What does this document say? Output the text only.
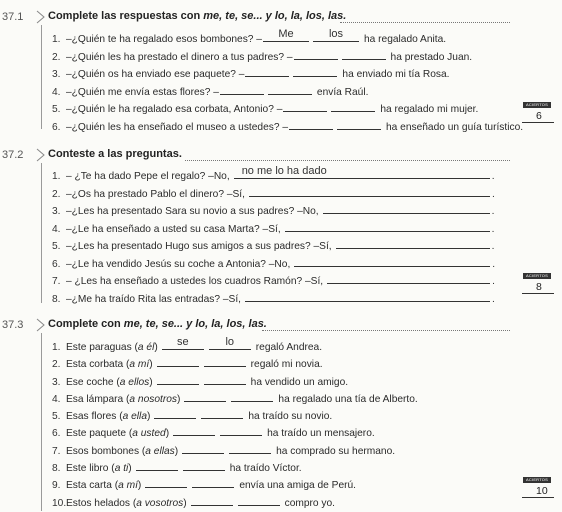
37.1 Complete las respuestas con me, te, se... y lo, la, los, las.
1. –¿Quién te ha regalado esos bombones? –	Me	los	ha regalado Anita.
2. –¿Quién les ha prestado el dinero a tus padres? –	ha prestado Juan.
3. –¿Quién os ha enviado ese paquete? –	ha enviado mi tía Rosa.
4. –¿Quién me envía estas flores? –	envía Raúl.
5. –¿Quién le ha regalado esa corbata, Antonio? –	ha regalado mi mujer.
6. –¿Quién les ha enseñado el museo a ustedes? –	ha enseñado un guía turístico.
ACIERTOS
6
37.2 Conteste a las preguntas.
1. – ¿Te ha dado Pepe el regalo? –No, no me lo ha dado	.
2. –¿Os ha prestado Pablo el dinero? –Sí,	.
3. –¿Les ha presentado Sara su novio a sus padres? –No,	.
4. –¿Le ha enseñado a usted su casa Marta? –Sí,	.
5. –¿Les ha presentado Hugo sus amigos a sus padres? –Sí,	.
6. –¿Le ha vendido Jesús su coche a Antonia? –No,	.
7. – ¿Les ha enseñado a ustedes los cuadros Ramón? –Sí,	.
8. –¿Me ha traído Rita las entradas? –Sí,	.
ACIERTOS
8
37.3 Complete con me, te, se... y lo, la, los, las.
1. Este paraguas (a él)	se	lo	regaló Andrea.
2. Esta corbata (a mí)	regaló mi novia.
3. Ese coche (a ellos)	ha vendido un amigo.
4. Esa lámpara (a nosotros)	ha regalado una tía de Alberto.
5. Esas flores (a ella)	ha traído su novio.
6. Este paquete (a usted)	ha traído un mensajero.
7. Esos bombones (a ellas)	ha comprado su hermano.
8. Este libro (a ti)	ha traído Víctor.
9. Esta carta (a mí)	envía una amiga de Perú.
10.Estos helados (a vosotros)	compro yo.
ACIERTOS
10
